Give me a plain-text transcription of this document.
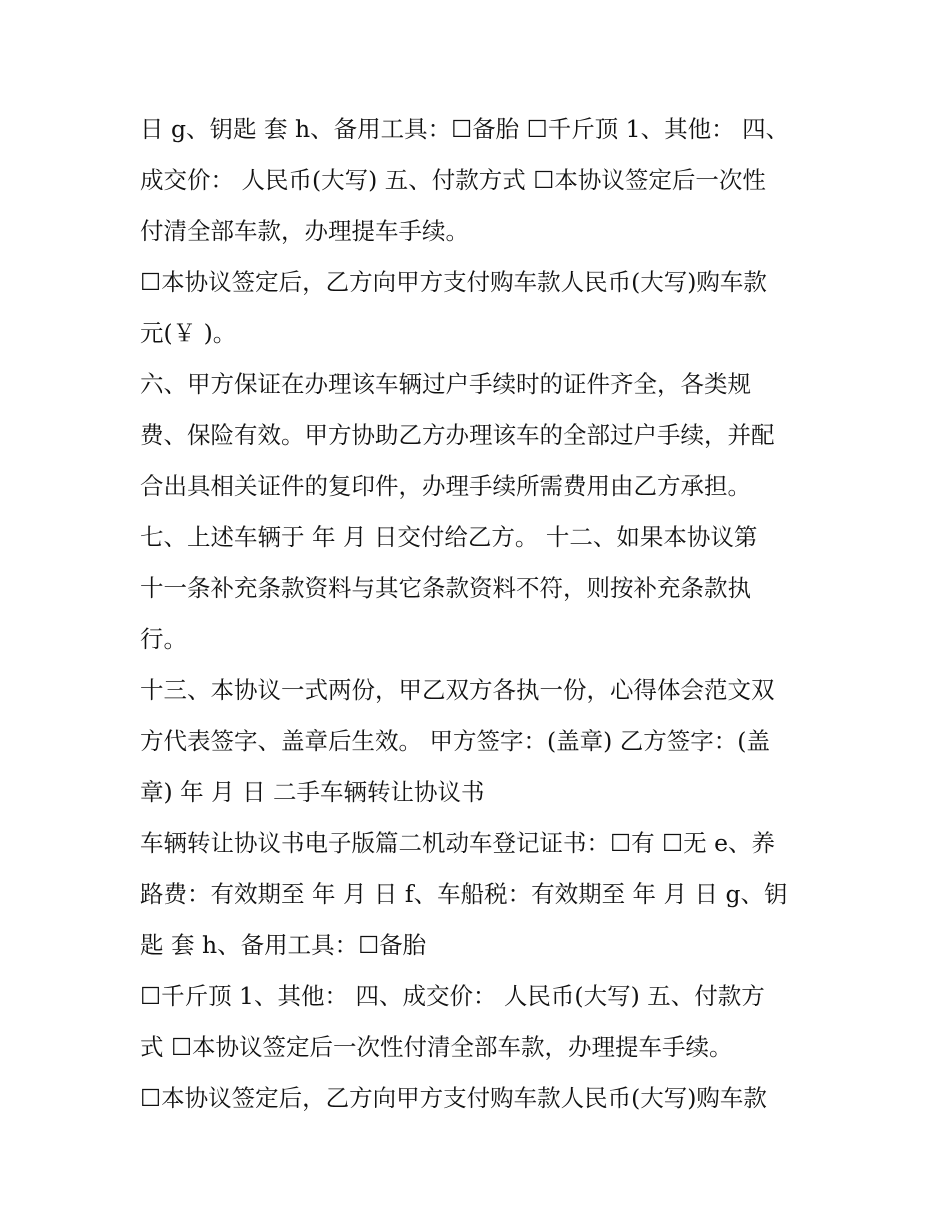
日 g、钥匙 套 h、备用工具：☐备胎 ☐千斤顶 1、其他： 四、
成交价： 人民币(大写) 五、付款方式 ☐本协议签定后一次性
付清全部车款，办理提车手续。
☐本协议签定后，乙方向甲方支付购车款人民币(大写)购车款
元(￥ )。
六、甲方保证在办理该车辆过户手续时的证件齐全，各类规
费、保险有效。甲方协助乙方办理该车的全部过户手续，并配
合出具相关证件的复印件，办理手续所需费用由乙方承担。
七、上述车辆于 年 月 日交付给乙方。 十二、如果本协议第
十一条补充条款资料与其它条款资料不符，则按补充条款执
行。
十三、本协议一式两份，甲乙双方各执一份，心得体会范文双
方代表签字、盖章后生效。 甲方签字：(盖章) 乙方签字：(盖
章) 年 月 日 二手车辆转让协议书
车辆转让协议书电子版篇二机动车登记证书：☐有 ☐无 e、养
路费：有效期至 年 月 日 f、车船税：有效期至 年 月 日 g、钥
匙 套 h、备用工具：☐备胎
☐千斤顶 1、其他： 四、成交价： 人民币(大写) 五、付款方
式 ☐本协议签定后一次性付清全部车款，办理提车手续。
☐本协议签定后，乙方向甲方支付购车款人民币(大写)购车款
